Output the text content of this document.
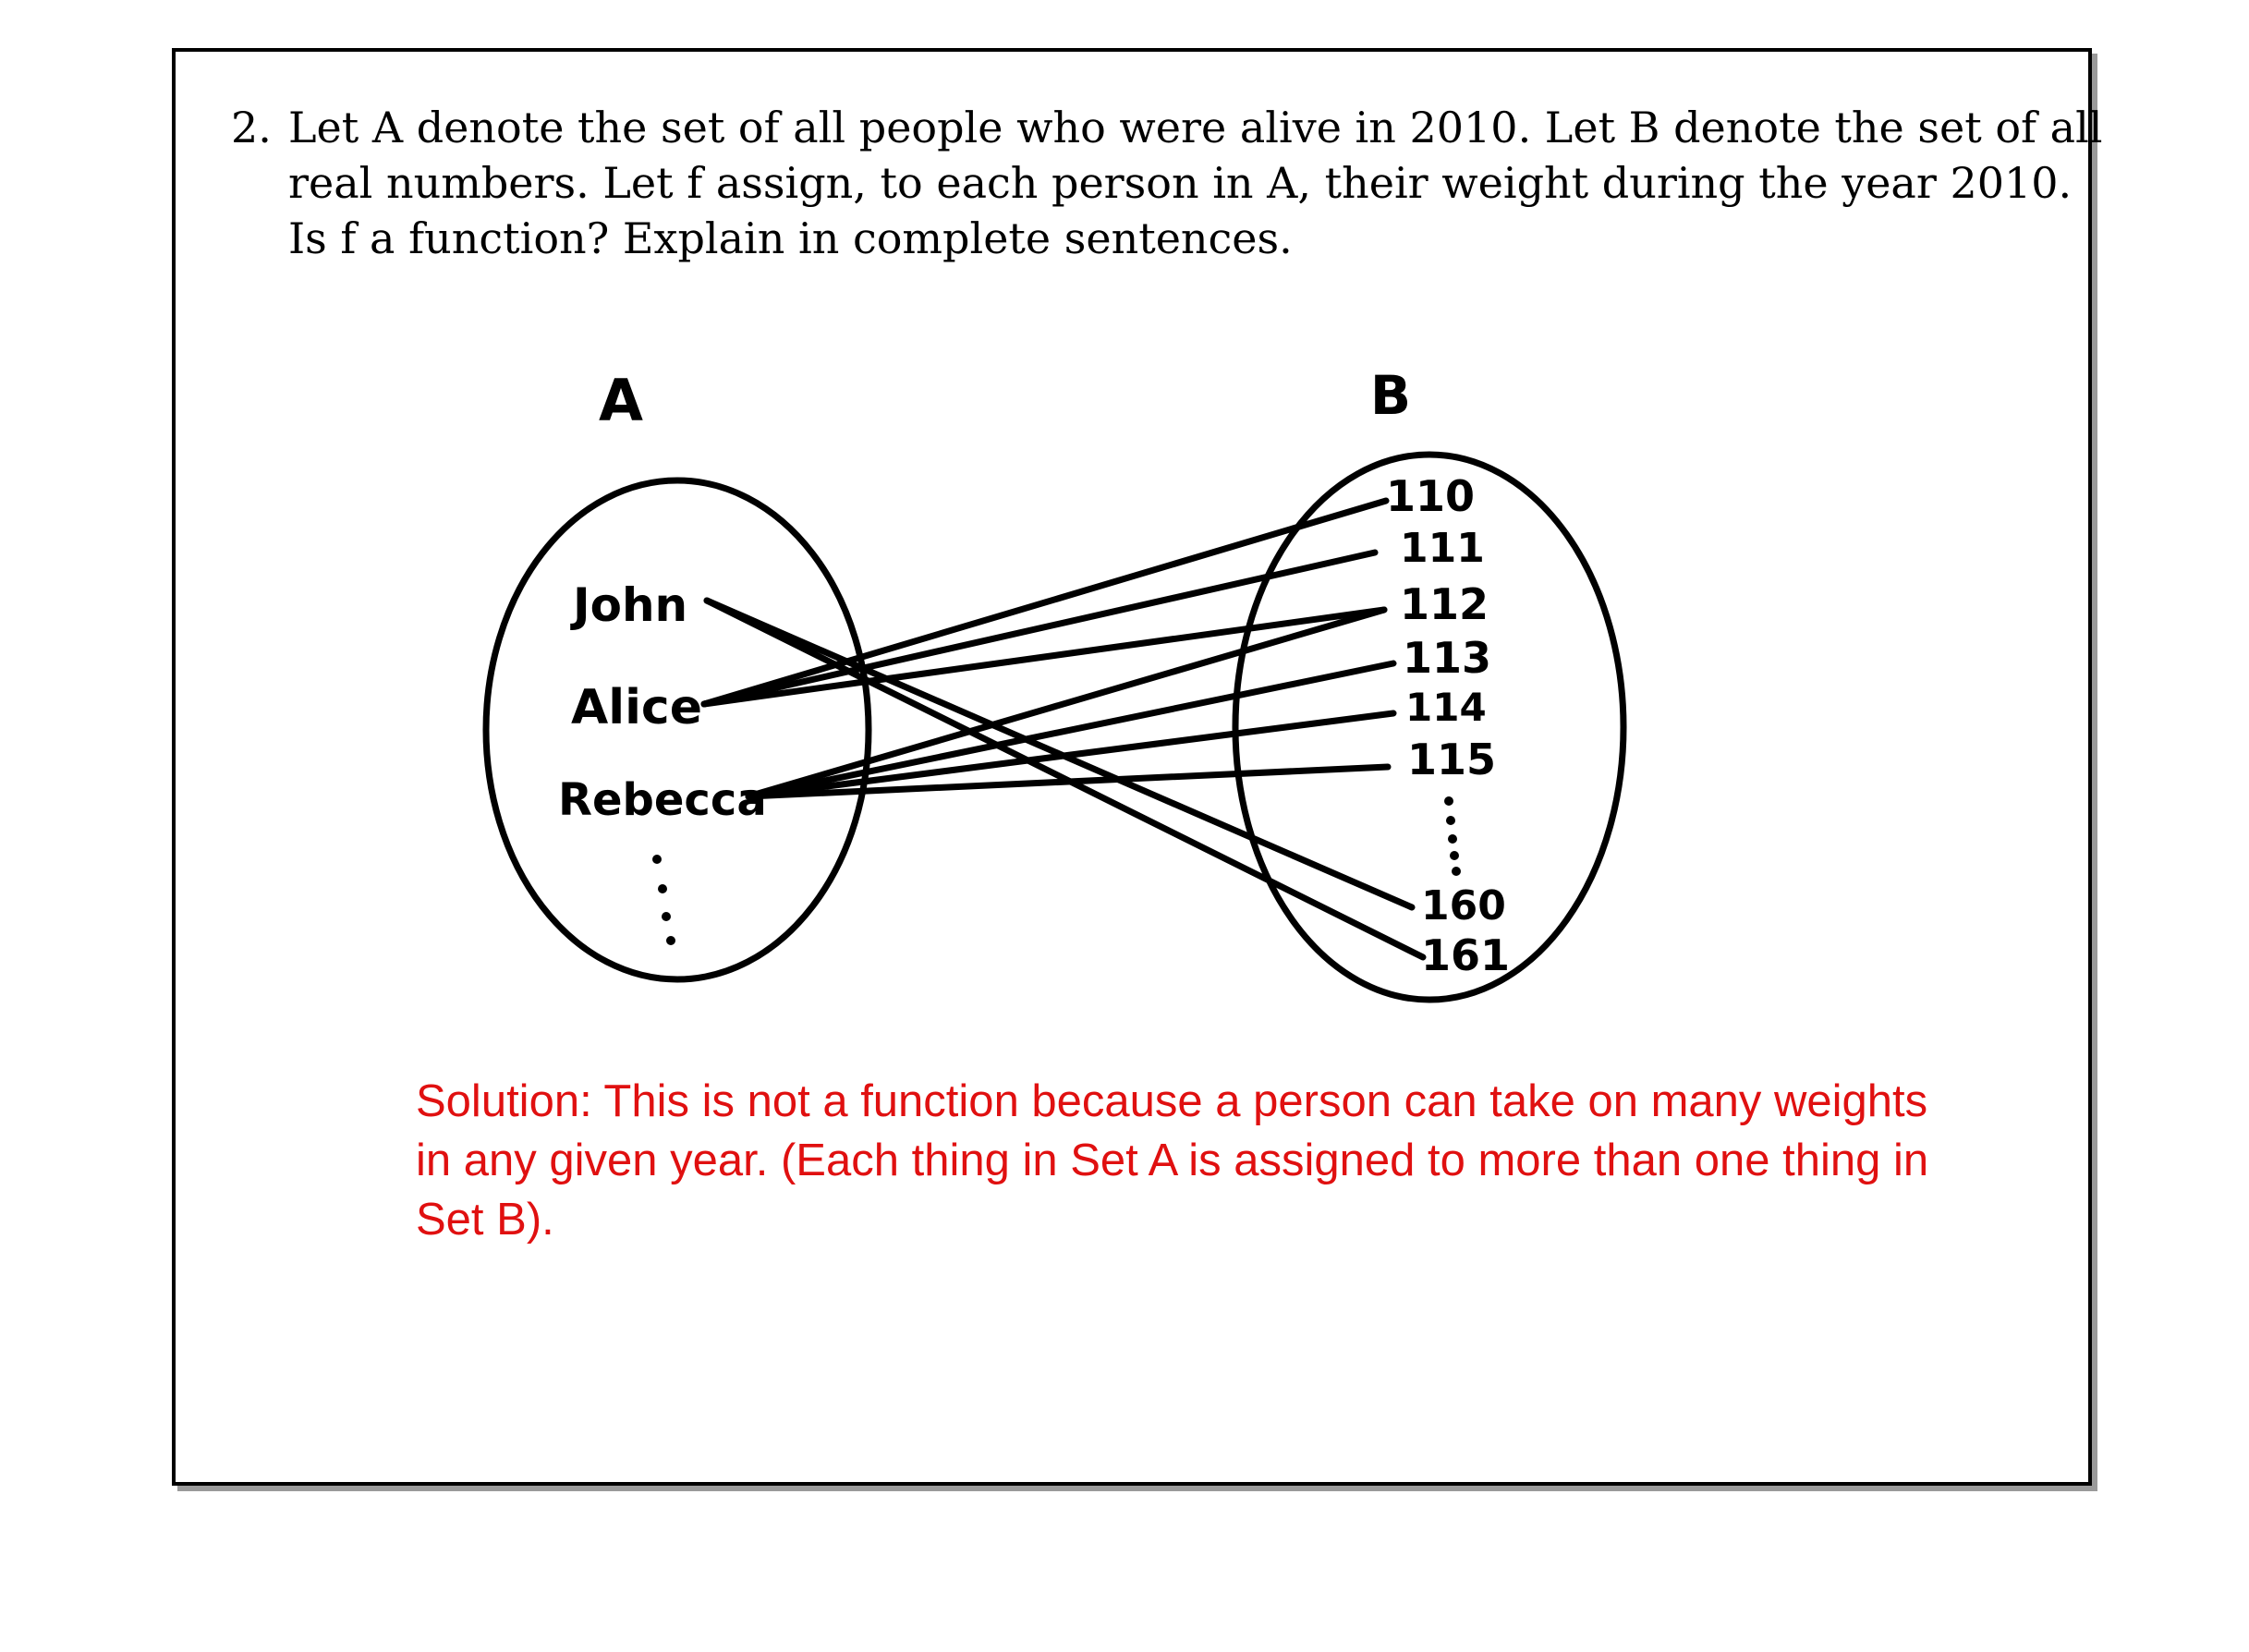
2. Let A denote the set of all people who were alive in 2010. Let B denote the set of all
real numbers. Let f assign, to each person in A, their weight during the year 2010.
Is f a function? Explain in complete sentences.
A	B
John
Alice
Rebecca
110
111
112
113
114
115
160
161
Solution: This is not a function because a person can take on many weights
in any given year. (Each thing in Set A is assigned to more than one thing in
Set B).
